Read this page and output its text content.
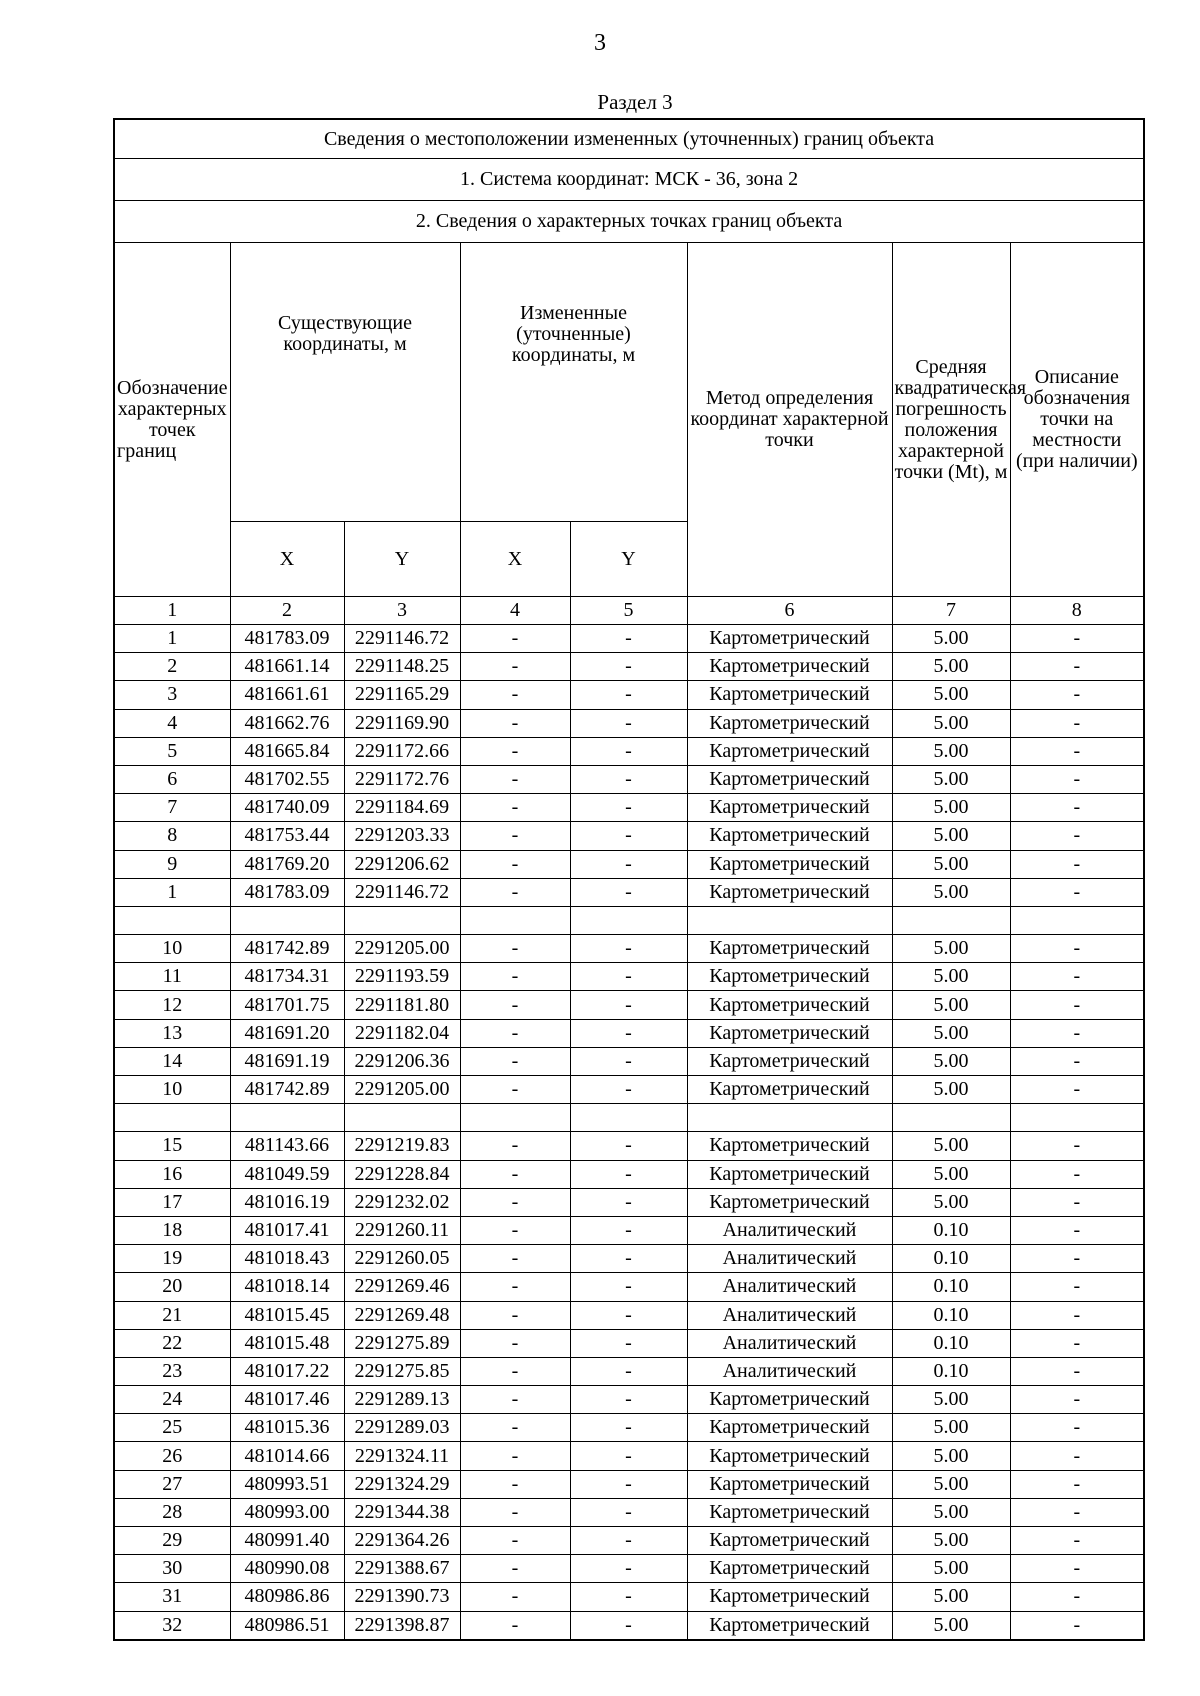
3
Раздел 3
Сведения о местоположении измененных (уточненных) границ объекта							
1. Система координат: МСК - 36, зона 2							
2. Сведения о характерных точках границ объекта							
Обозначение характерных точек границ	Существующие координаты, м		Измененные (уточненные) координаты, м		Метод определения координат характерной точки	Средняя квадратическая погрешность положения характерной точки (Mt), м	Описание обозначения точки на местности (при наличии)
	X	Y	X	Y			
1	2	3	4	5	6	7	8
1	481783.09	2291146.72	-	-	Картометрический	5.00	-
2	481661.14	2291148.25	-	-	Картометрический	5.00	-
3	481661.61	2291165.29	-	-	Картометрический	5.00	-
4	481662.76	2291169.90	-	-	Картометрический	5.00	-
5	481665.84	2291172.66	-	-	Картометрический	5.00	-
6	481702.55	2291172.76	-	-	Картометрический	5.00	-
7	481740.09	2291184.69	-	-	Картометрический	5.00	-
8	481753.44	2291203.33	-	-	Картометрический	5.00	-
9	481769.20	2291206.62	-	-	Картометрический	5.00	-
1	481783.09	2291146.72	-	-	Картометрический	5.00	-

10	481742.89	2291205.00	-	-	Картометрический	5.00	-
11	481734.31	2291193.59	-	-	Картометрический	5.00	-
12	481701.75	2291181.80	-	-	Картометрический	5.00	-
13	481691.20	2291182.04	-	-	Картометрический	5.00	-
14	481691.19	2291206.36	-	-	Картометрический	5.00	-
10	481742.89	2291205.00	-	-	Картометрический	5.00	-

15	481143.66	2291219.83	-	-	Картометрический	5.00	-
16	481049.59	2291228.84	-	-	Картометрический	5.00	-
17	481016.19	2291232.02	-	-	Картометрический	5.00	-
18	481017.41	2291260.11	-	-	Аналитический	0.10	-
19	481018.43	2291260.05	-	-	Аналитический	0.10	-
20	481018.14	2291269.46	-	-	Аналитический	0.10	-
21	481015.45	2291269.48	-	-	Аналитический	0.10	-
22	481015.48	2291275.89	-	-	Аналитический	0.10	-
23	481017.22	2291275.85	-	-	Аналитический	0.10	-
24	481017.46	2291289.13	-	-	Картометрический	5.00	-
25	481015.36	2291289.03	-	-	Картометрический	5.00	-
26	481014.66	2291324.11	-	-	Картометрический	5.00	-
27	480993.51	2291324.29	-	-	Картометрический	5.00	-
28	480993.00	2291344.38	-	-	Картометрический	5.00	-
29	480991.40	2291364.26	-	-	Картометрический	5.00	-
30	480990.08	2291388.67	-	-	Картометрический	5.00	-
31	480986.86	2291390.73	-	-	Картометрический	5.00	-
32	480986.51	2291398.87	-	-	Картометрический	5.00	-
